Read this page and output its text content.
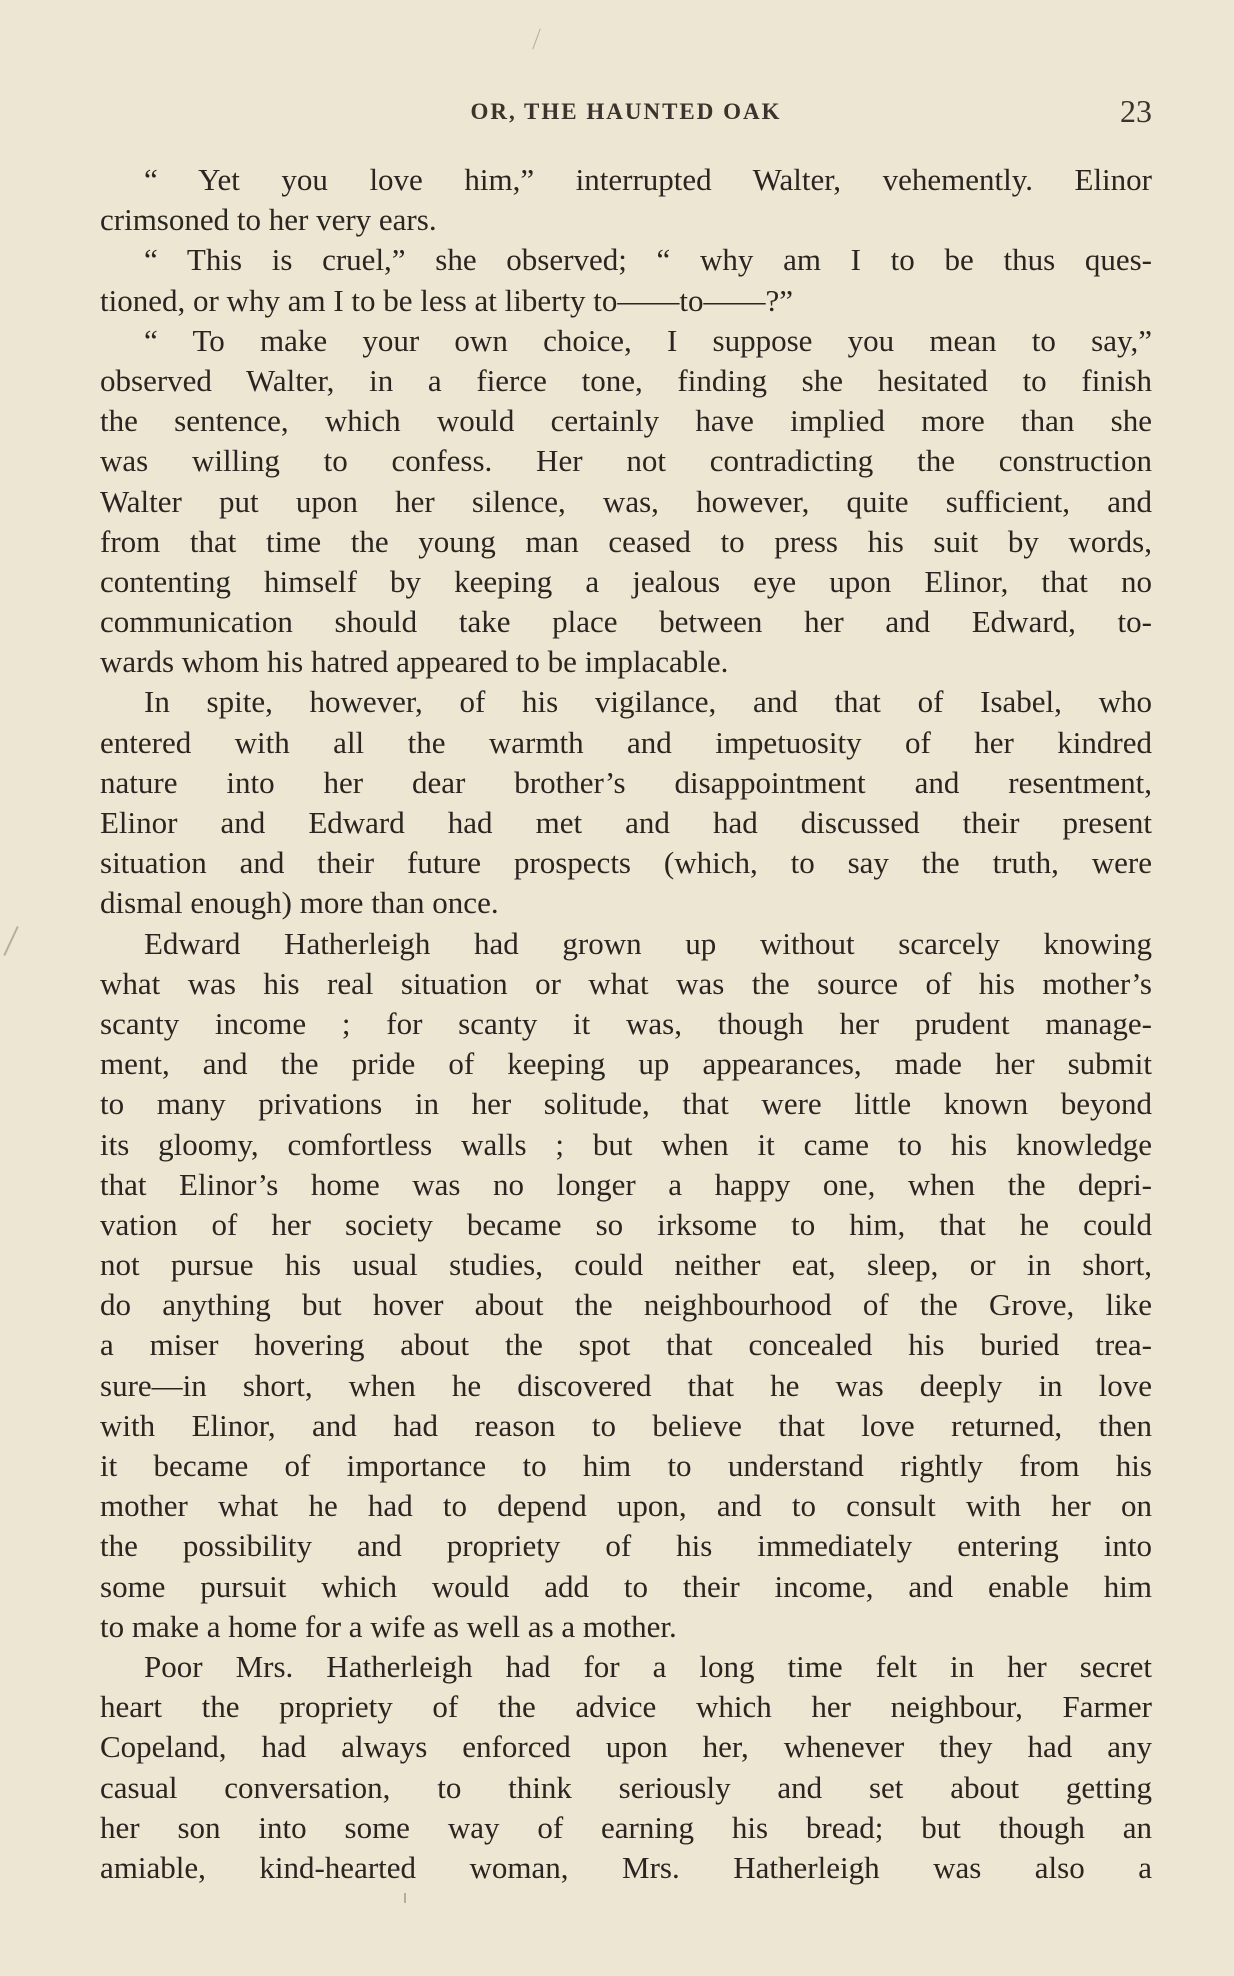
OR, THE HAUNTED OAK	23
“ Yet you love him,” interrupted Walter, vehemently. Elinor
crimsoned to her very ears.
“ This is cruel,” she observed; “ why am I to be thus ques-
tioned, or why am I to be less at liberty to——to——?”
“ To make your own choice, I suppose you mean to say,”
observed Walter, in a fierce tone, finding she hesitated to finish
the sentence, which would certainly have implied more than she
was willing to confess. Her not contradicting the construction
Walter put upon her silence, was, however, quite sufficient, and
from that time the young man ceased to press his suit by words,
contenting himself by keeping a jealous eye upon Elinor, that no
communication should take place between her and Edward, to-
wards whom his hatred appeared to be implacable.
In spite, however, of his vigilance, and that of Isabel, who
entered with all the warmth and impetuosity of her kindred
nature into her dear brother’s disappointment and resentment,
Elinor and Edward had met and had discussed their present
situation and their future prospects (which, to say the truth, were
dismal enough) more than once.
Edward Hatherleigh had grown up without scarcely knowing
what was his real situation or what was the source of his mother’s
scanty income ; for scanty it was, though her prudent manage-
ment, and the pride of keeping up appearances, made her submit
to many privations in her solitude, that were little known beyond
its gloomy, comfortless walls ; but when it came to his knowledge
that Elinor’s home was no longer a happy one, when the depri-
vation of her society became so irksome to him, that he could
not pursue his usual studies, could neither eat, sleep, or in short,
do anything but hover about the neighbourhood of the Grove, like
a miser hovering about the spot that concealed his buried trea-
sure—in short, when he discovered that he was deeply in love
with Elinor, and had reason to believe that love returned, then
it became of importance to him to understand rightly from his
mother what he had to depend upon, and to consult with her on
the possibility and propriety of his immediately entering into
some pursuit which would add to their income, and enable him
to make a home for a wife as well as a mother.
Poor Mrs. Hatherleigh had for a long time felt in her secret
heart the propriety of the advice which her neighbour, Farmer
Copeland, had always enforced upon her, whenever they had any
casual conversation, to think seriously and set about getting
her son into some way of earning his bread; but though an
amiable, kind-hearted woman, Mrs. Hatherleigh was also a
